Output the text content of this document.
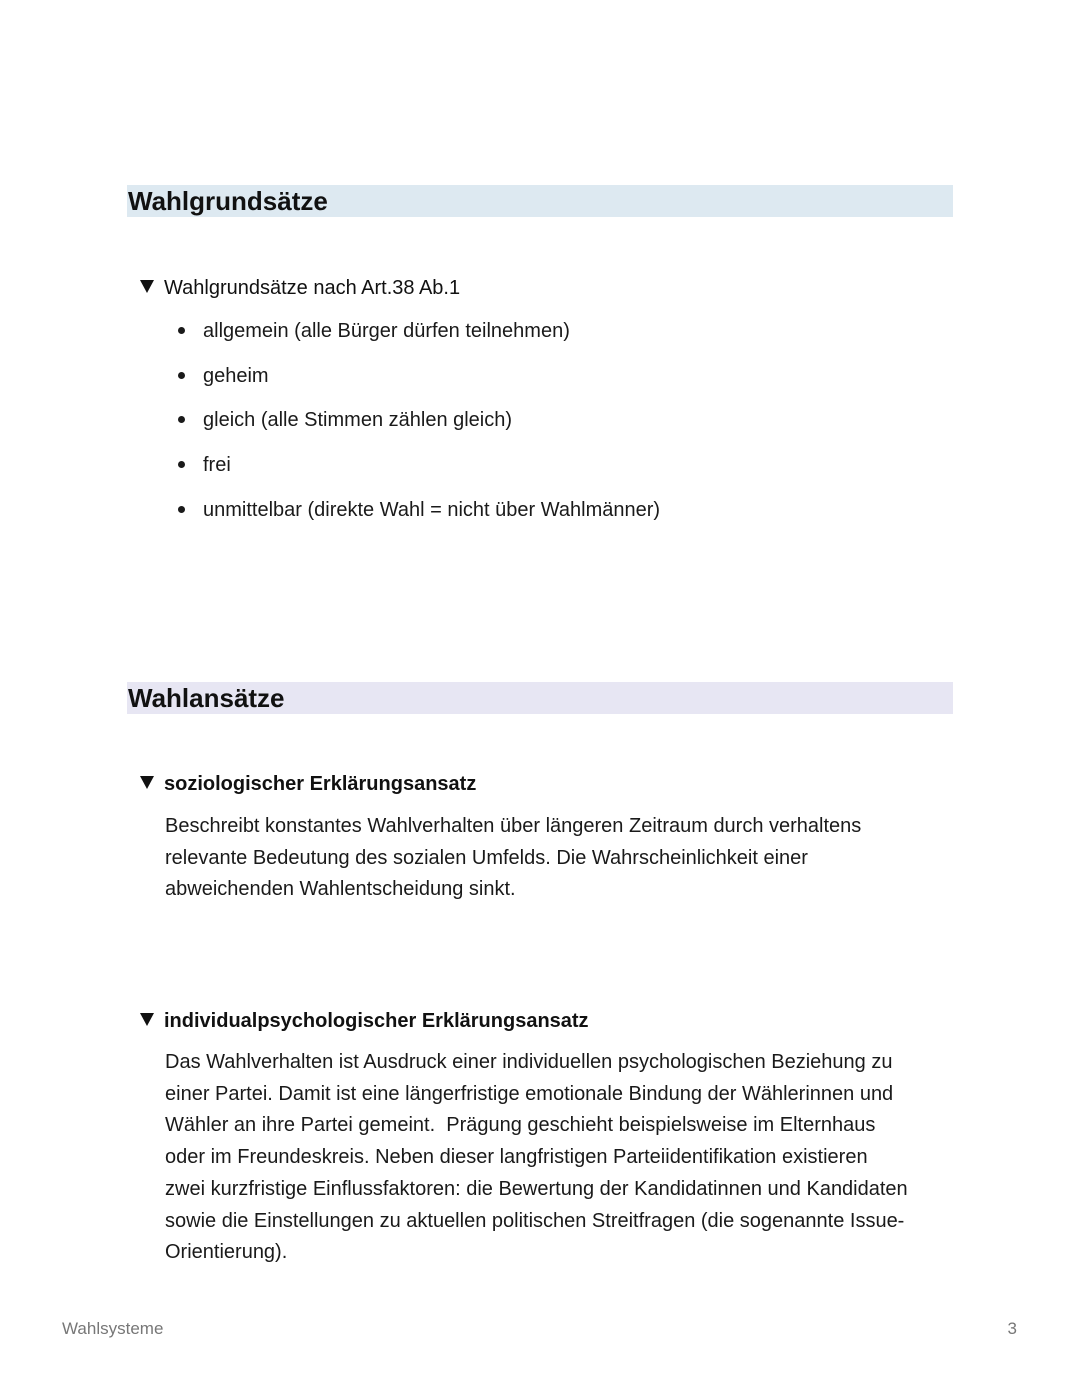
Wahlgrundsätze
Wahlgrundsätze nach Art.38 Ab.1
allgemein (alle Bürger dürfen teilnehmen)
geheim
gleich (alle Stimmen zählen gleich)
frei
unmittelbar (direkte Wahl = nicht über Wahlmänner)
Wahlansätze
soziologischer Erklärungsansatz
Beschreibt konstantes Wahlverhalten über längeren Zeitraum durch verhaltens
relevante Bedeutung des sozialen Umfelds. Die Wahrscheinlichkeit einer
abweichenden Wahlentscheidung sinkt.
individualpsychologischer Erklärungsansatz
Das Wahlverhalten ist Ausdruck einer individuellen psychologischen Beziehung zu
einer Partei. Damit ist eine längerfristige emotionale Bindung der Wählerinnen und
Wähler an ihre Partei gemeint.  Prägung geschieht beispielsweise im Elternhaus
oder im Freundeskreis. Neben dieser langfristigen Parteiidentifikation existieren
zwei kurzfristige Einflussfaktoren: die Bewertung der Kandidatinnen und Kandidaten
sowie die Einstellungen zu aktuellen politischen Streitfragen (die sogenannte Issue-
Orientierung).
Wahlsysteme	3
